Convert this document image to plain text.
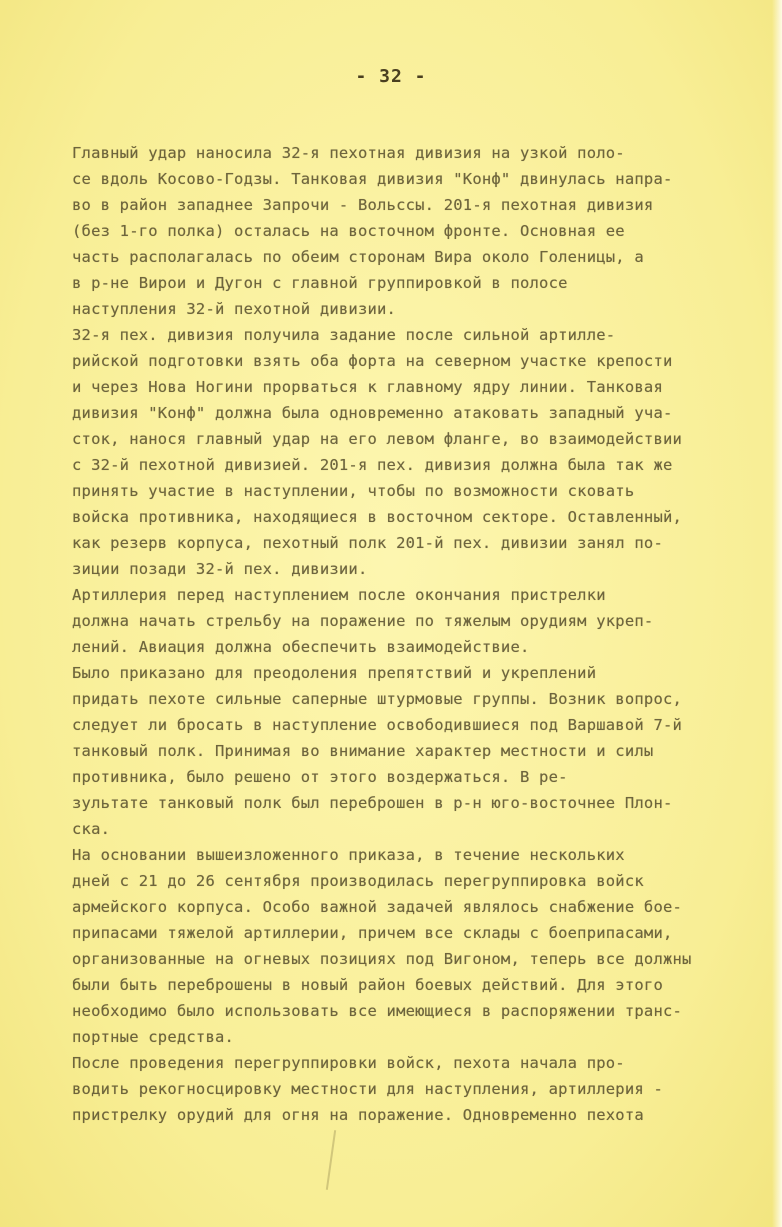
- 32 -

Главный удар наносила 32-я пехотная дивизия на узкой поло-
се вдоль Косово-Годзы. Танковая дивизия "Конф" двинулась напра-
во в район западнее Запрочи - Вольссы. 201-я пехотная дивизия
(без 1-го полка) осталась на восточном фронте. Основная ее
часть располагалась по обеим сторонам Вира около Голеницы, а
в р-не Вирои и Дугон с главной группировкой в полосе
наступления 32-й пехотной дивизии.

32-я пех. дивизия получила задание после сильной артилле-
рийской подготовки взять оба форта на северном участке крепости
и через Нова Ногини прорваться к главному ядру линии. Танковая
дивизия "Конф" должна была одновременно атаковать западный уча-
сток, нанося главный удар на его левом фланге, во взаимодействии
с 32-й пехотной дивизией. 201-я пех. дивизия должна была так же
принять участие в наступлении, чтобы по возможности сковать
войска противника, находящиеся в восточном секторе. Оставленный,
как резерв корпуса, пехотный полк 201-й пех. дивизии занял по-
зиции позади 32-й пех. дивизии.

Артиллерия перед наступлением после окончания пристрелки
должна начать стрельбу на поражение по тяжелым орудиям укреп-
лений. Авиация должна обеспечить взаимодействие.

Было приказано для преодоления препятствий и укреплений
придать пехоте сильные саперные штурмовые группы. Возник вопрос,
следует ли бросать в наступление освободившиеся под Варшавой 7-й
танковый полк. Принимая во внимание характер местности и силы
противника, было решено от этого воздержаться. В ре-
зультате танковый полк был переброшен в р-н юго-восточнее Плон-
ска.

На основании вышеизложенного приказа, в течение нескольких
дней с 21 до 26 сентября производилась перегруппировка войск
армейского корпуса. Особо важной задачей являлось снабжение бое-
припасами тяжелой артиллерии, причем все склады с боеприпасами,
организованные на огневых позициях под Вигоном, теперь все должны
были быть переброшены в новый район боевых действий. Для этого
необходимо было использовать все имеющиеся в распоряжении транс-
портные средства.

После проведения перегруппировки войск, пехота начала про-
водить рекогносцировку местности для наступления, артиллерия -
пристрелку орудий для огня на поражение. Одновременно пехота
